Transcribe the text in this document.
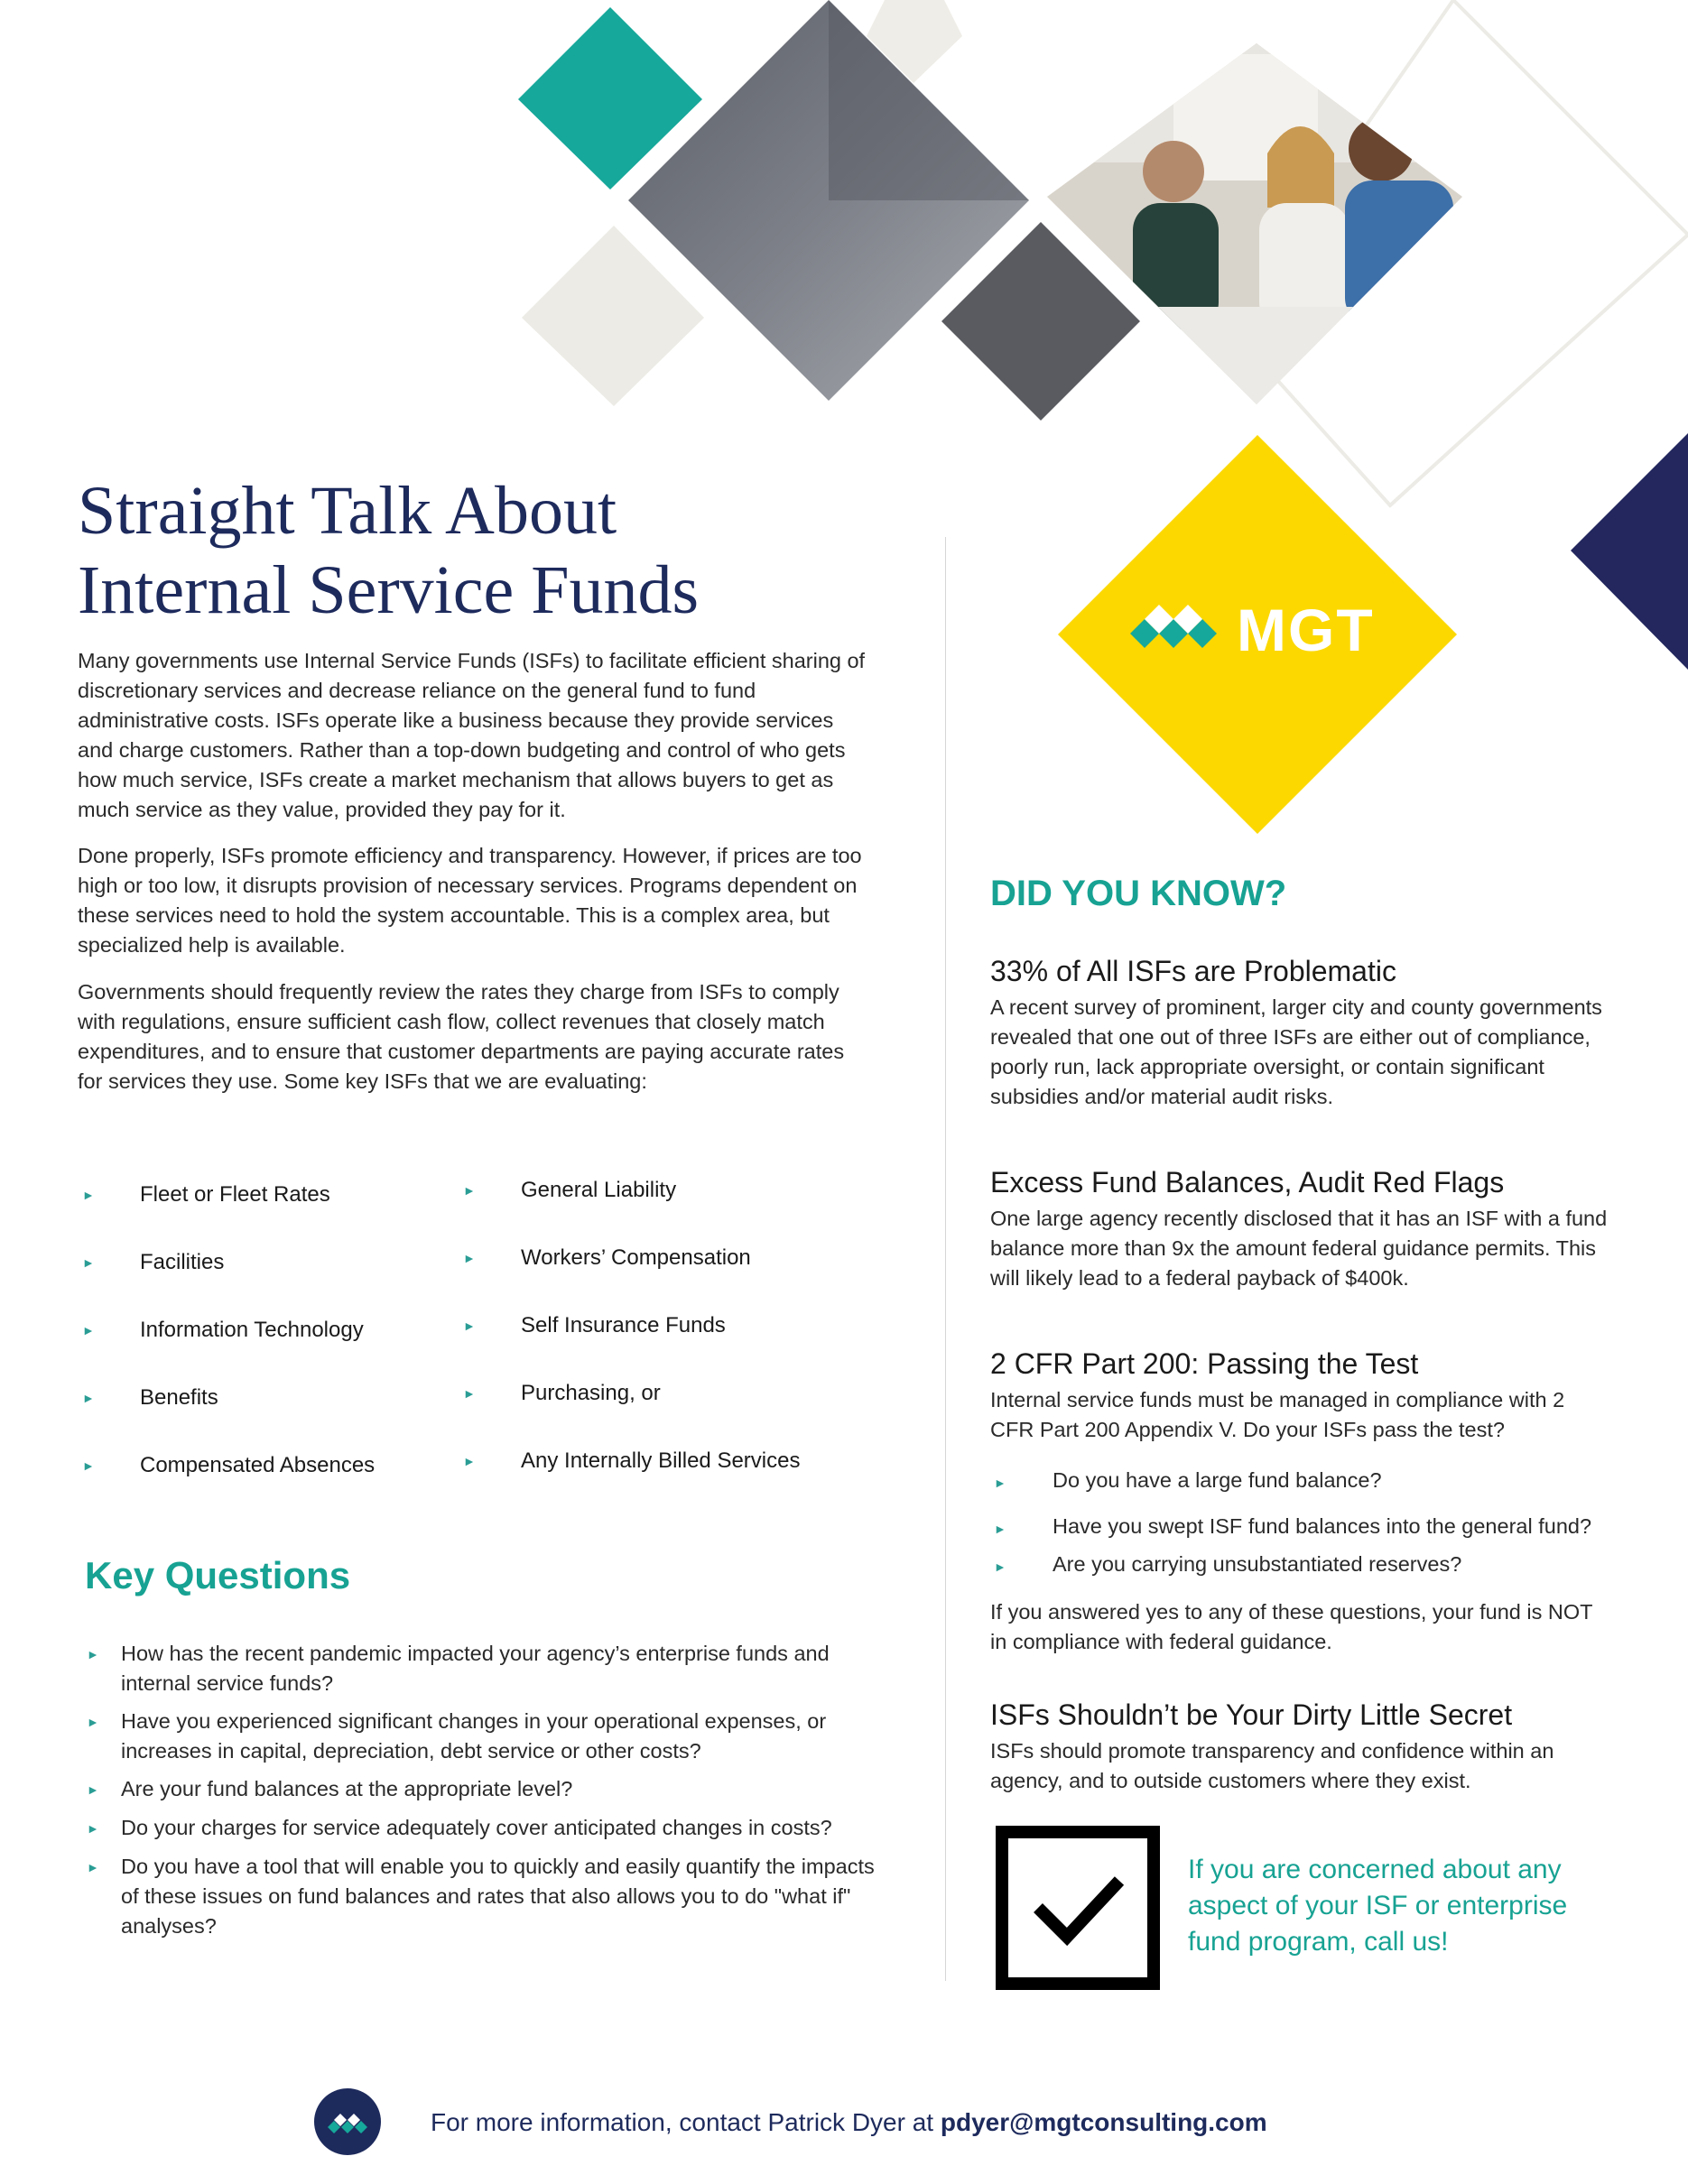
MGT
Straight Talk About
Internal Service Funds

Many governments use Internal Service Funds (ISFs) to facilitate efficient sharing of discretionary services and decrease reliance on the general fund to fund administrative costs. ISFs operate like a business because they provide services and charge customers. Rather than a top-down budgeting and control of who gets how much service, ISFs create a market mechanism that allows buyers to get as much service as they value, provided they pay for it.

Done properly, ISFs promote efficiency and transparency. However, if prices are too high or too low, it disrupts provision of necessary services. Programs dependent on these services need to hold the system accountable. This is a complex area, but specialized help is available.

Governments should frequently review the rates they charge from ISFs to comply with regulations, ensure sufficient cash flow, collect revenues that closely match expenditures, and to ensure that customer departments are paying accurate rates for services they use. Some key ISFs that we are evaluating:

► Fleet or Fleet Rates
► Facilities
► Information Technology
► Benefits
► Compensated Absences
► General Liability
► Workers’ Compensation
► Self Insurance Funds
► Purchasing, or
► Any Internally Billed Services
Key Questions
► How has the recent pandemic impacted your agency’s enterprise funds and internal service funds?
► Have you experienced significant changes in your operational expenses, or increases in capital, depreciation, debt service or other costs?
► Are your fund balances at the appropriate level?
► Do your charges for service adequately cover anticipated changes in costs?
► Do you have a tool that will enable you to quickly and easily quantify the impacts of these issues on fund balances and rates that also allows you to do "what if" analyses?
DID YOU KNOW?
33% of All ISFs are Problematic

A recent survey of prominent, larger city and county governments revealed that one out of three ISFs are either out of compliance, poorly run, lack appropriate oversight, or contain significant subsidies and/or material audit risks.

Excess Fund Balances, Audit Red Flags

One large agency recently disclosed that it has an ISF with a fund balance more than 9x the amount federal guidance permits. This will likely lead to a federal payback of $400k.

2 CFR Part 200: Passing the Test

Internal service funds must be managed in compliance with 2 CFR Part 200 Appendix V. Do your ISFs pass the test?

► Do you have a large fund balance?
► Have you swept ISF fund balances into the general fund?
► Are you carrying unsubstantiated reserves?

If you answered yes to any of these questions, your fund is NOT in compliance with federal guidance.

ISFs Shouldn’t be Your Dirty Little Secret

ISFs should promote transparency and confidence within an agency, and to outside customers where they exist.

If you are concerned about any aspect of your ISF or enterprise fund program, call us!
For more information, contact Patrick Dyer at pdyer@mgtconsulting.com
